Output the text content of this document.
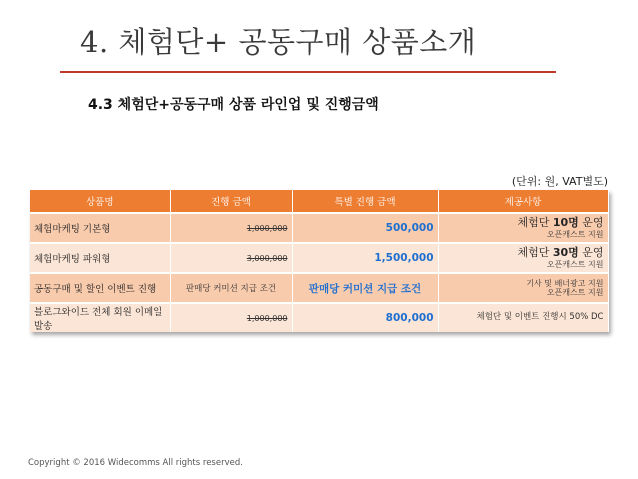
4. 체험단+ 공동구매 상품소개
4.3 체험단+공동구매 상품 라인업 및 진행금액
(단위: 원, VAT별도)
상품명	진행 금액	특별 진행 금액	제공사항
체험마케팅 기본형	1,000,000	500,000	체험단 10명 운영
오픈캐스트 지원

체험마케팅 파워형	3,000,000	1,500,000	체험단 30명 운영
오픈캐스트 지원

공동구매 및 할인 이벤트 진행	판매당 커미션 지급 조건	판매당 커미션 지급 조건	기사 및 배너광고 지원
오픈캐스트 지원

블로그와이드 전체 회원 이메일 발송	1,000,000	800,000	체험단 및 이벤트 진행시 50% DC
Copyright © 2016 Widecomms All rights reserved.
